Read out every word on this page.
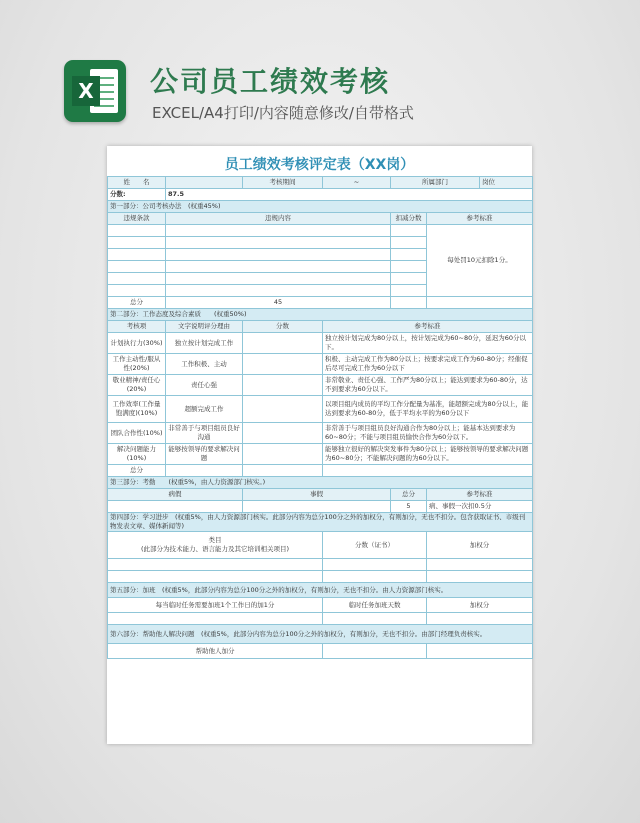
X 公司员工绩效考核
EXCEL/A4打印/内容随意修改/自带格式
员工绩效考核评定表（XX岗）
姓　　名		考核期间	~	所属部门		岗位
分数:	87.5					
第一部分：公司考核办法　(权重45%)						
违规条款	违规内容			扣减分数	参考标准	
					每处罚10元扣除1分。	

总分	45					
第二部分：工作态度及综合素质　　(权重50%)						
考核项	文字说明评分理由	分数	参考标准			
计划执行力(30%)	独立按计划完成工作		独立按计划完成为80分以上，按计划完成为60~80分，延迟为60分以下。			
工作主动性/服从性(20%)	工作积极、主动		积极、主动完成工作为80分以上；按要求完成工作为60-80分；经催促后尽可完成工作为60分以下			
敬业精神/责任心(20%)	责任心强		非常敬业、责任心强、工作严为80分以上；能达到要求为60-80分，达不到要求为60分以下。			
工作效率(工作量饱满度)(10%)	超额完成工作		以项目组内成员的平均工作分配量为基准，能超额完成为80分以上，能达到要求为60-80分，低于平均水平的为60分以下			
团队合作性(10%)	非常善于与项目组员良好沟通		非常善于与项目组员良好沟通合作为80分以上；能基本达到要求为60~80分；不能与项目组员愉快合作为60分以下。			
解决问题能力(10%)	能够按领导的要求解决问题		能够独立很好的解决突发事件为80分以上；能够按领导的要求解决问题为60~80分；不能解决问题的为60分以下。			
总分						
第三部分：考勤　　(权重5%，由人力资源部门核实。)						
病假		事假		总分	参考标准	
				5	病、事假一次扣0.5分	
第四部分：学习进步　(权重5%，由人力资源部门核实。此部分内容为总分100分之外的加权分，有则加分，无也不扣分。包含获取证书、市级刊物发表文章、媒体新闻等)						

类目
(此部分为技术能力、语言能力及其它培训相关项目)			分数（证书）		加权分	

第五部分：加班　(权重5%，此部分内容为总分100分之外的加权分，有则加分，无也不扣分。由人力资源部门核实。						
每当临时任务需要加班1个工作日的加1分			临时任务加班天数		加权分	

第六部分：帮助他人解决问题　(权重5%，此部分内容为总分100分之外的加权分，有则加分，无也不扣分。由部门经理负责核实。						
帮助他人加分						
